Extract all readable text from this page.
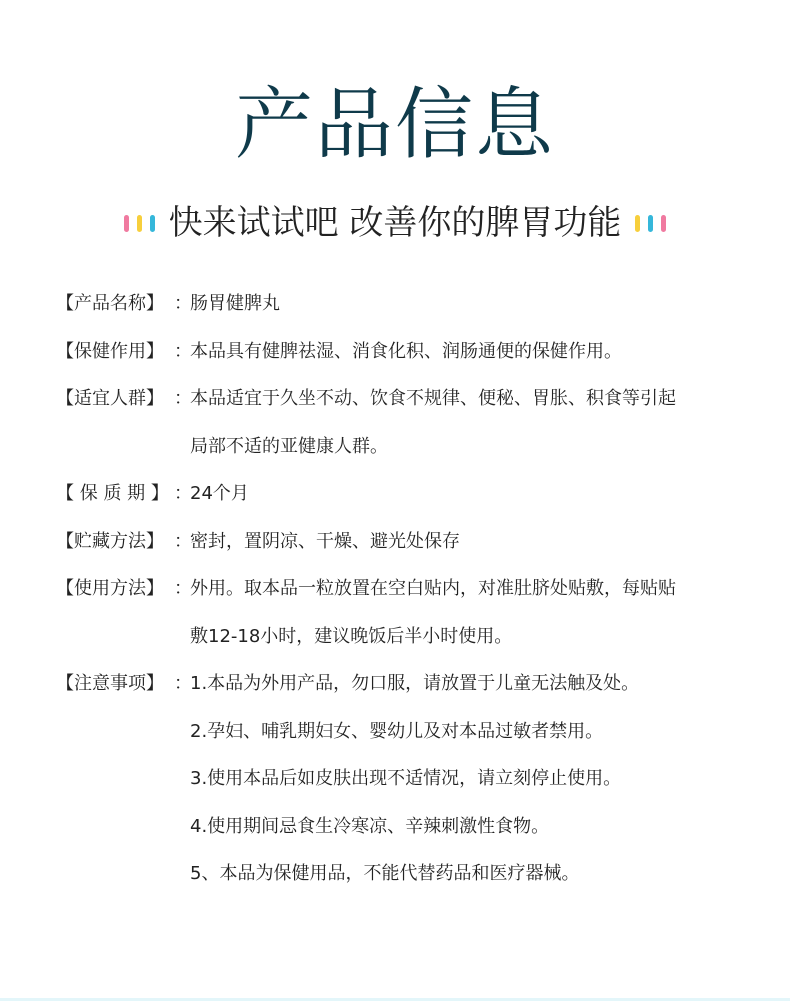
产品信息
快来试试吧 改善你的脾胃功能
【产品名称】 ：
肠胃健脾丸
【保健作用】 ：
本品具有健脾祛湿、消食化积、润肠通便的保健作用。
【适宜人群】 ：
本品适宜于久坐不动、饮食不规律、便秘、胃胀、积食等引起
局部不适的亚健康人群。
【 保 质 期 】 ：
24个月
【贮藏方法】 ：
密封，置阴凉、干燥、避光处保存
【使用方法】 ：
外用。取本品一粒放置在空白贴内，对准肚脐处贴敷，每贴贴
敷12-18小时，建议晚饭后半小时使用。
【注意事项】 ：
1.本品为外用产品，勿口服，请放置于儿童无法触及处。
2.孕妇、哺乳期妇女、婴幼儿及对本品过敏者禁用。
3.使用本品后如皮肤出现不适情况，请立刻停止使用。
4.使用期间忌食生冷寒凉、辛辣刺激性食物。
5、本品为保健用品，不能代替药品和医疗器械。
